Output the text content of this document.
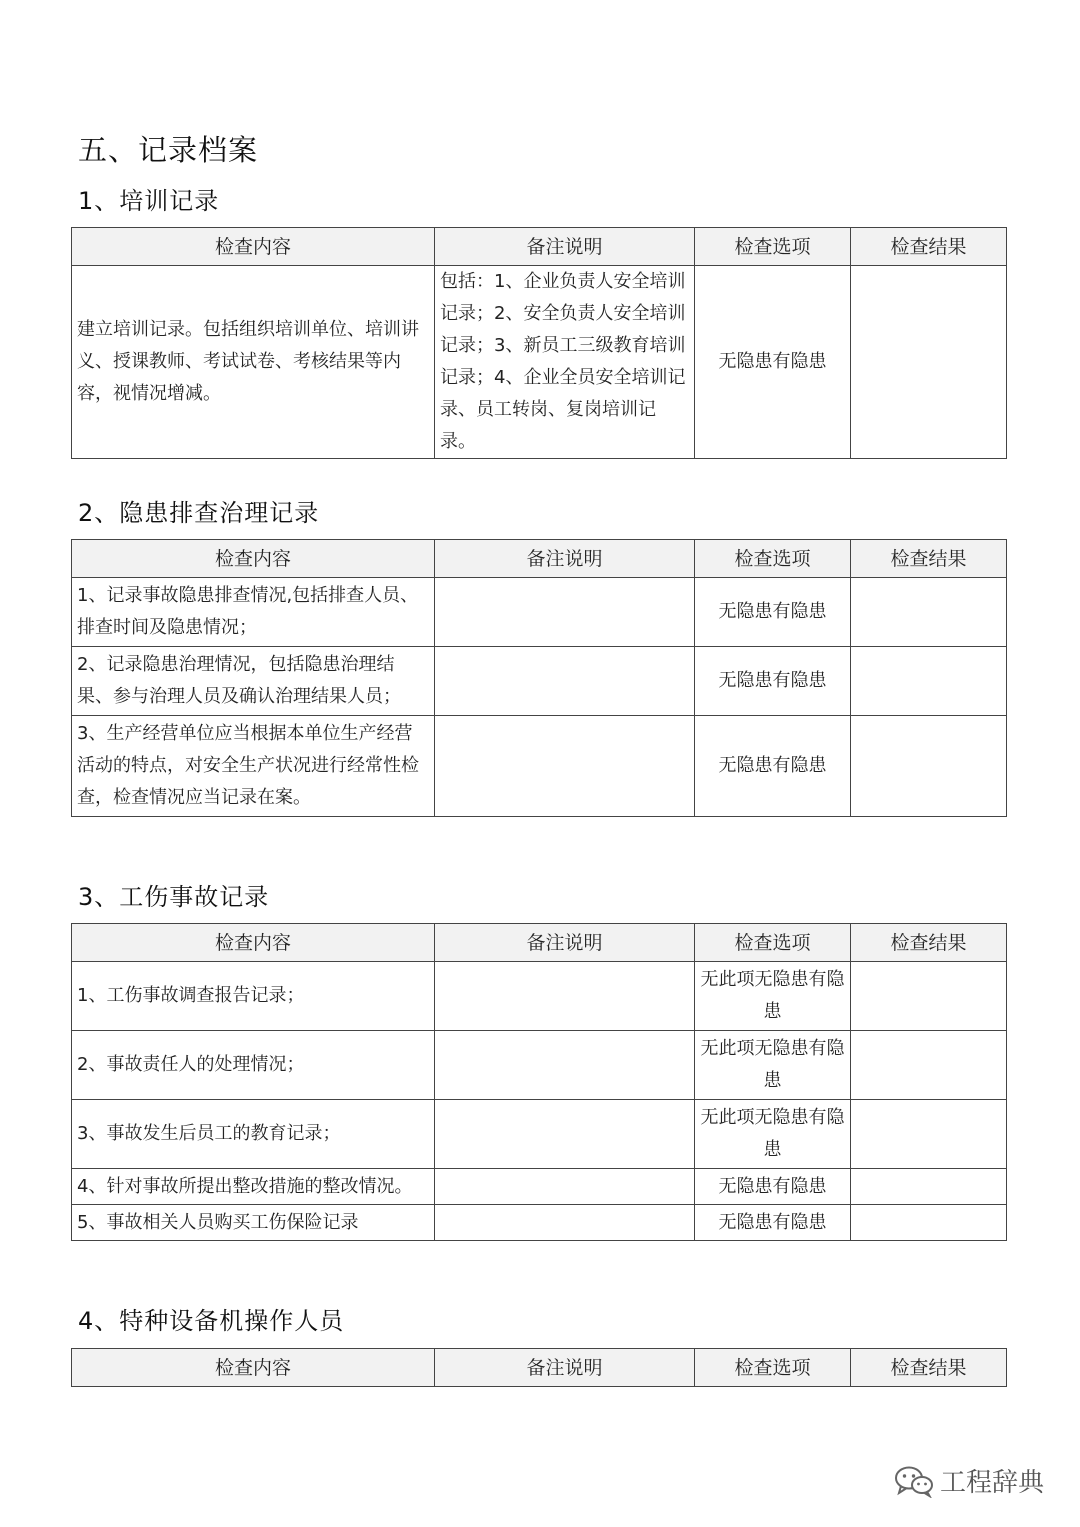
五、记录档案
1、培训记录
检查内容	备注说明	检查选项	检查结果
建立培训记录。包括组织培训单位、培训讲义、授课教师、考试试卷、考核结果等内容，视情况增减。	包括：1、企业负责人安全培训记录；2、安全负责人安全培训记录；3、新员工三级教育培训记录；4、企业全员安全培训记录、员工转岗、复岗培训记录。	无隐患有隐患	
2、隐患排查治理记录
检查内容	备注说明	检查选项	检查结果
1、记录事故隐患排查情况,包括排查人员、排查时间及隐患情况；		无隐患有隐患	
2、记录隐患治理情况，包括隐患治理结果、参与治理人员及确认治理结果人员；		无隐患有隐患	
3、生产经营单位应当根据本单位生产经营活动的特点，对安全生产状况进行经常性检查，检查情况应当记录在案。		无隐患有隐患	
3、工伤事故记录
检查内容	备注说明	检查选项	检查结果
1、工伤事故调查报告记录；		无此项无隐患有隐患	
2、事故责任人的处理情况；		无此项无隐患有隐患	
3、事故发生后员工的教育记录；		无此项无隐患有隐患	
4、针对事故所提出整改措施的整改情况。		无隐患有隐患	
5、事故相关人员购买工伤保险记录		无隐患有隐患	
4、特种设备机操作人员
检查内容	备注说明	检查选项	检查结果
工程辞典
